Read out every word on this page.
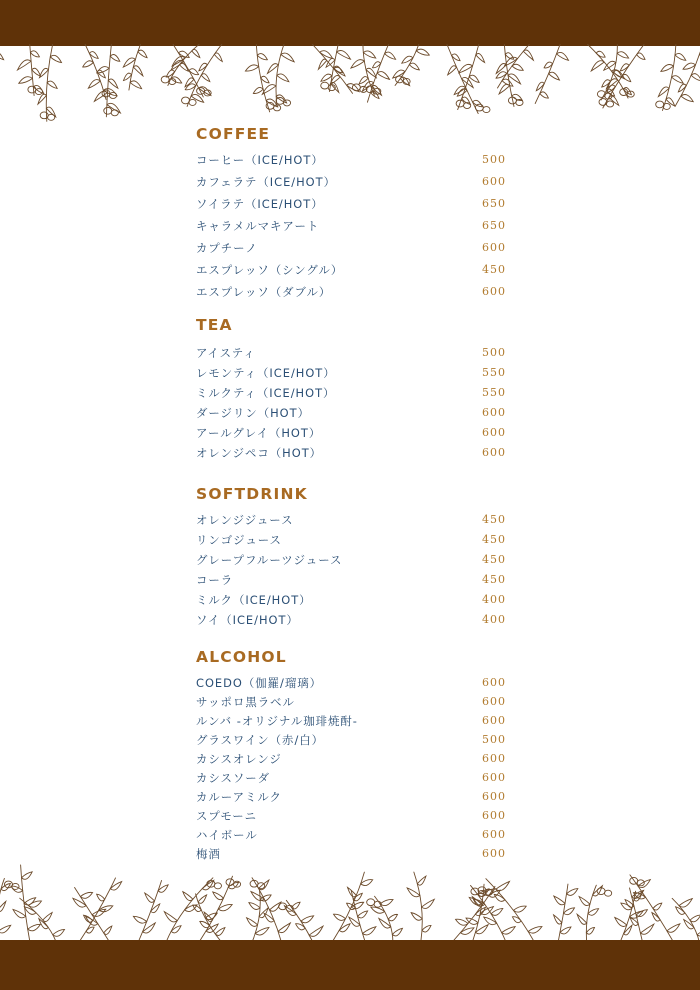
COFFEE
コーヒー（ICE/HOT）	500
カフェラテ（ICE/HOT）	600
ソイラテ（ICE/HOT）	650
キャラメルマキアート	650
カプチーノ	600
エスプレッソ（シングル）	450
エスプレッソ（ダブル）	600
TEA
アイスティ	500
レモンティ（ICE/HOT）	550
ミルクティ（ICE/HOT）	550
ダージリン（HOT）	600
アールグレイ（HOT）	600
オレンジペコ（HOT）	600
SOFTDRINK
オレンジジュース	450
リンゴジュース	450
グレープフルーツジュース	450
コーラ	450
ミルク（ICE/HOT）	400
ソイ（ICE/HOT）	400
ALCOHOL
COEDO（伽羅/瑠璃）	600
サッポロ黒ラベル	600
ルンバ -オリジナル珈琲焼酎-	600
グラスワイン（赤/白）	500
カシスオレンジ	600
カシスソーダ	600
カルーアミルク	600
スプモーニ	600
ハイボール	600
梅酒	600
